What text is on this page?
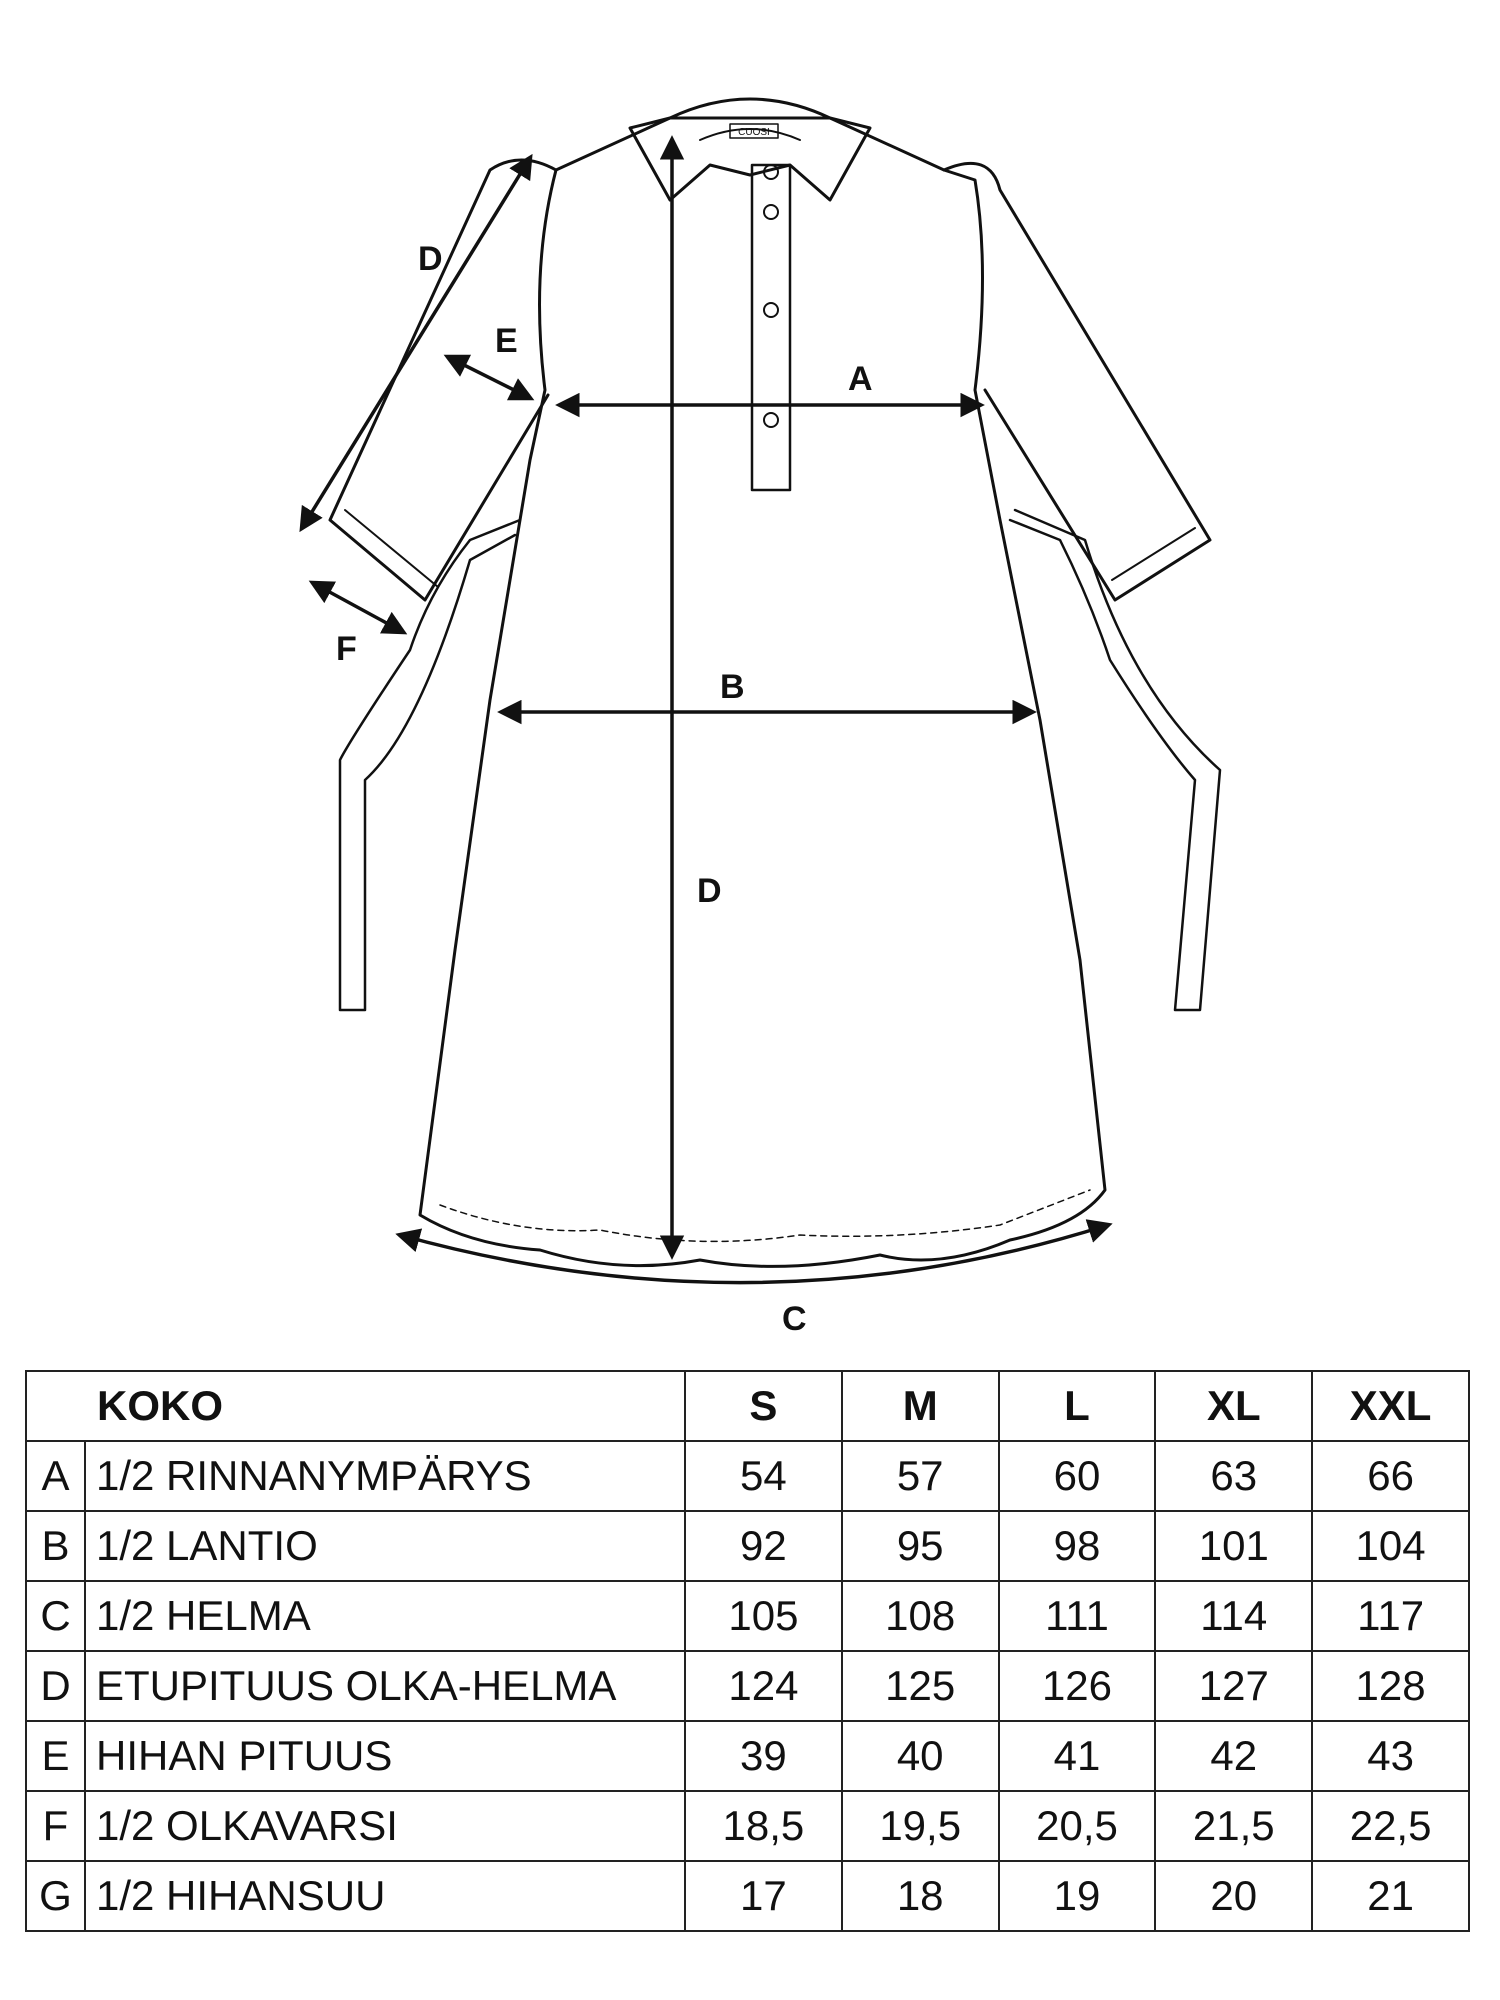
A
B
C
D
D
E
F
CUOSI
KOKO		S	M	L	XL	XXL
A	1/2 RINNANYMPÄRYS	54	57	60	63	66
B	1/2 LANTIO	92	95	98	101	104
C	1/2 HELMA	105	108	111	114	117
D	ETUPITUUS OLKA-HELMA	124	125	126	127	128
E	HIHAN PITUUS	39	40	41	42	43
F	1/2 OLKAVARSI	18,5	19,5	20,5	21,5	22,5
G	1/2 HIHANSUU	17	18	19	20	21
